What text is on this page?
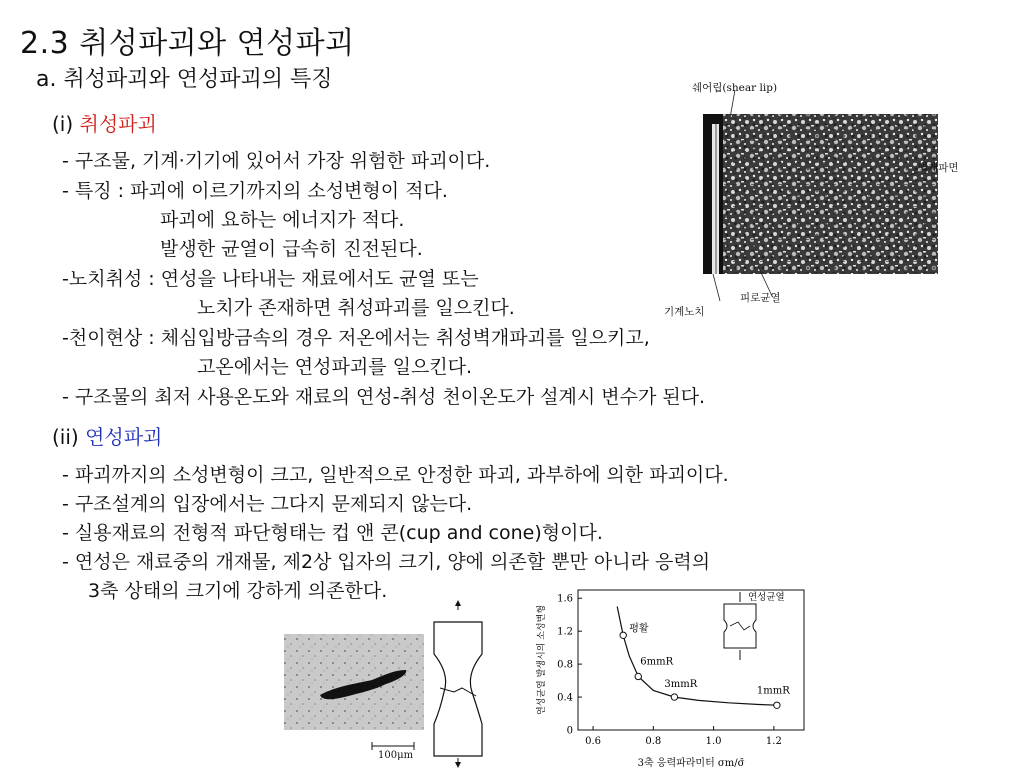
2.3 취성파괴와 연성파괴
a. 취성파괴와 연성파괴의 특징
(i) 취성파괴
- 구조물, 기계·기기에 있어서 가장 위험한 파괴이다.
- 특징 : 파괴에 이르기까지의 소성변형이 적다.
파괴에 요하는 에너지가 적다.
발생한 균열이 급속히 진전된다.
-노치취성 : 연성을 나타내는 재료에서도 균열 또는
노치가 존재하면 취성파괴를 일으킨다.
-천이현상 : 체심입방금속의 경우 저온에서는 취성벽개파괴를 일으키고,
고온에서는 연성파괴를 일으킨다.
- 구조물의 최저 사용온도와 재료의 연성-취성 천이온도가 설계시 변수가 된다.
(ii) 연성파괴
- 파괴까지의 소성변형이 크고, 일반적으로 안정한 파괴, 과부하에 의한 파괴이다.
- 구조설계의 입장에서는 그다지 문제되지 않는다.
- 실용재료의 전형적 파단형태는 컵 앤 콘(cup and cone)형이다.
- 연성은 재료중의 개재물, 제2상 입자의 크기, 양에 의존할 뿐만 아니라 응력의
3축 상태의 크기에 강하게 의존한다.
쉐어립(shear lip)
벽개파면
피로균열
기계노치
100μm
0.6	0.8	1.0	1.2
0
0.4
0.8
1.2
1.6
평활
6mmR
3mmR
1mmR
3축 응력파라미터 σm/σ̄
연성균열 발생시의 소성변형
연성균열
